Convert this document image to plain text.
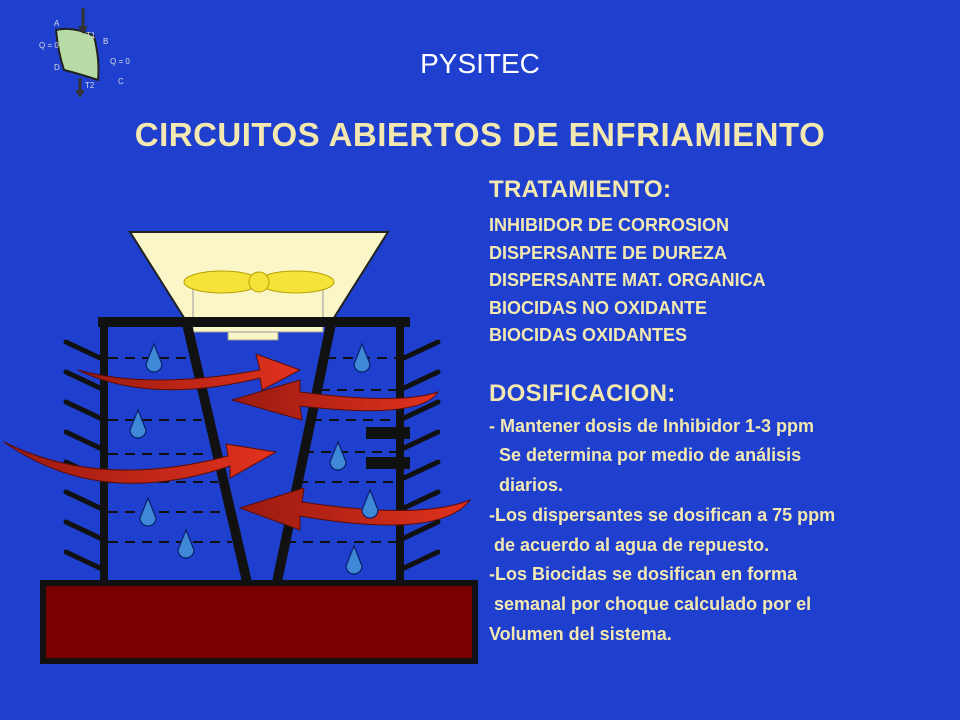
A
B
C
D
T1
T2
Q = 0
Q = 0	PYSITEC
CIRCUITOS ABIERTOS DE ENFRIAMIENTO
TRATAMIENTO:
INHIBIDOR DE CORROSION
DISPERSANTE DE DUREZA
DISPERSANTE MAT. ORGANICA
BIOCIDAS NO OXIDANTE
BIOCIDAS OXIDANTES
DOSIFICACION:

- Mantener dosis de Inhibidor 1-3 ppm

Se determina por medio de análisis

diarios.

-Los dispersantes se dosifican a 75 ppm

de acuerdo al agua de repuesto.

-Los Biocidas se dosifican en forma

semanal por choque calculado por el

Volumen del sistema.
